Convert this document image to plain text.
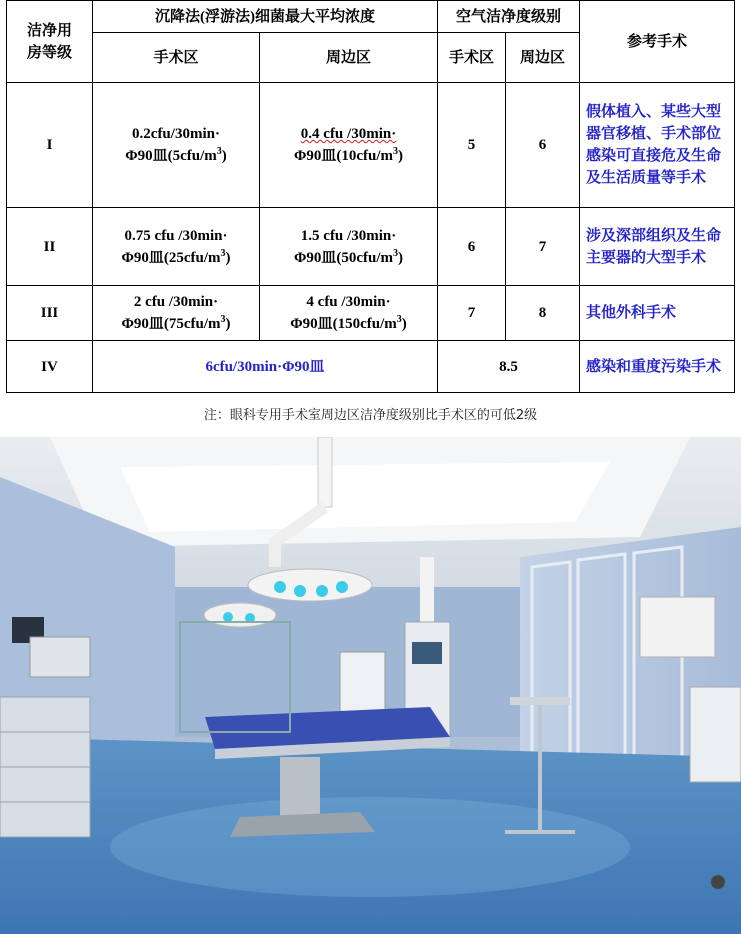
洁净用
房等级	沉降法(浮游法)细菌最大平均浓度		空气洁净度级别		参考手术
	手术区	周边区	手术区	周边区	
I	0.2cfu/30min·
Φ90皿$(5cfu/m^3)$	0.4 cfu /30min·
Φ90皿$(10cfu/m^3)$	5	6	假体植入、某些大型器官移植、手术部位感染可直接危及生命及生活质量等手术
II	0.75 cfu /30min·
Φ90皿$(25cfu/m^3)$	1.5 cfu /30min·
Φ90皿$(50cfu/m^3)$	6	7	涉及深部组织及生命主要器的大型手术
III	2 cfu /30min·
Φ90皿$(75cfu/m^3)$	4 cfu /30min·
Φ90皿$(150cfu/m^3)$	7	8	其他外科手术
IV	6cfu/30min·Φ90皿		8.5		感染和重度污染手术
注：眼科专用手术室周边区洁净度级别比手术区的可低2级
